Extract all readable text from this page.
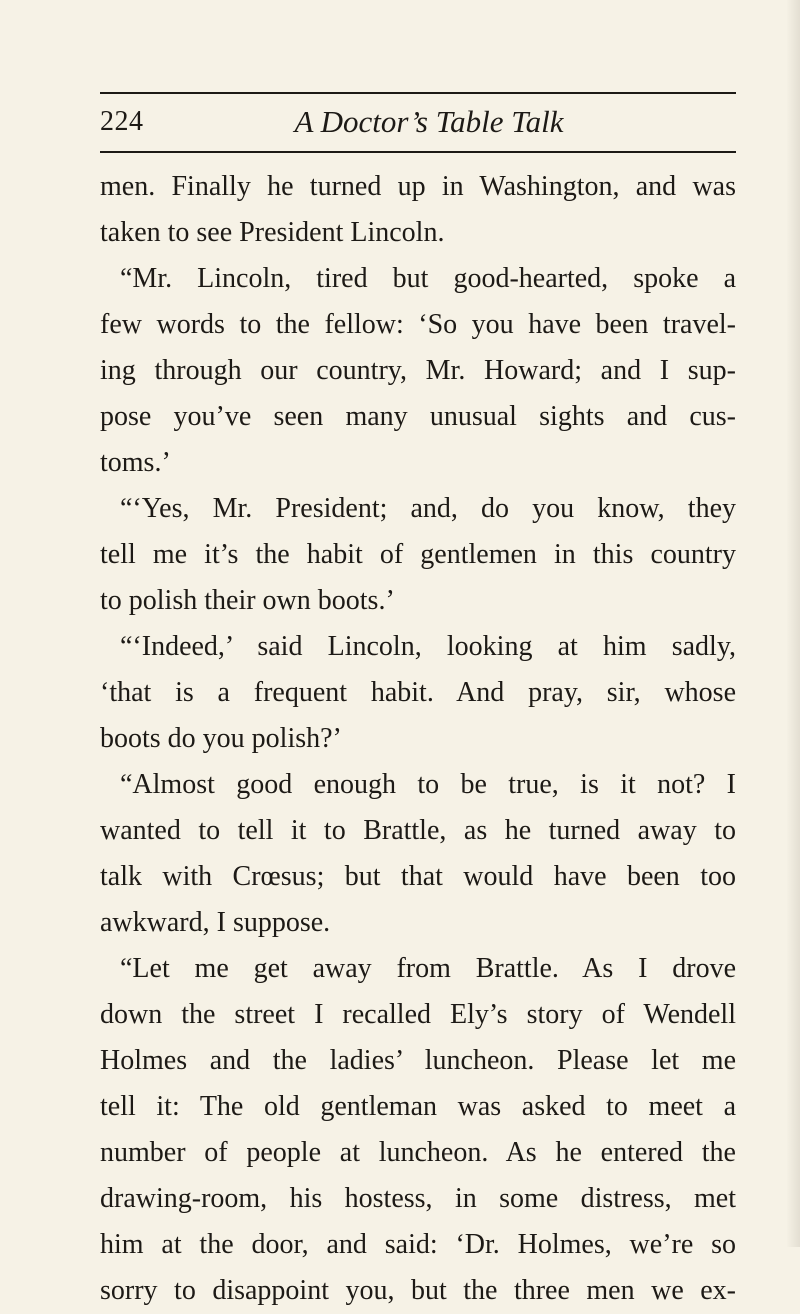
224	A Doctor’s Table Talk
men. Finally he turned up in Washington, and was
taken to see President Lincoln.
“Mr. Lincoln, tired but good-hearted, spoke a
few words to the fellow: ‘So you have been travel-
ing through our country, Mr. Howard; and I sup-
pose you’ve seen many unusual sights and cus-
toms.’
“‘Yes, Mr. President; and, do you know, they
tell me it’s the habit of gentlemen in this country
to polish their own boots.’
“‘Indeed,’ said Lincoln, looking at him sadly,
‘that is a frequent habit. And pray, sir, whose
boots do you polish?’
“Almost good enough to be true, is it not? I
wanted to tell it to Brattle, as he turned away to
talk with Crœsus; but that would have been too
awkward, I suppose.
“Let me get away from Brattle. As I drove
down the street I recalled Ely’s story of Wendell
Holmes and the ladies’ luncheon. Please let me
tell it: The old gentleman was asked to meet a
number of people at luncheon. As he entered the
drawing-room, his hostess, in some distress, met
him at the door, and said: ‘Dr. Holmes, we’re so
sorry to disappoint you, but the three men we ex-
